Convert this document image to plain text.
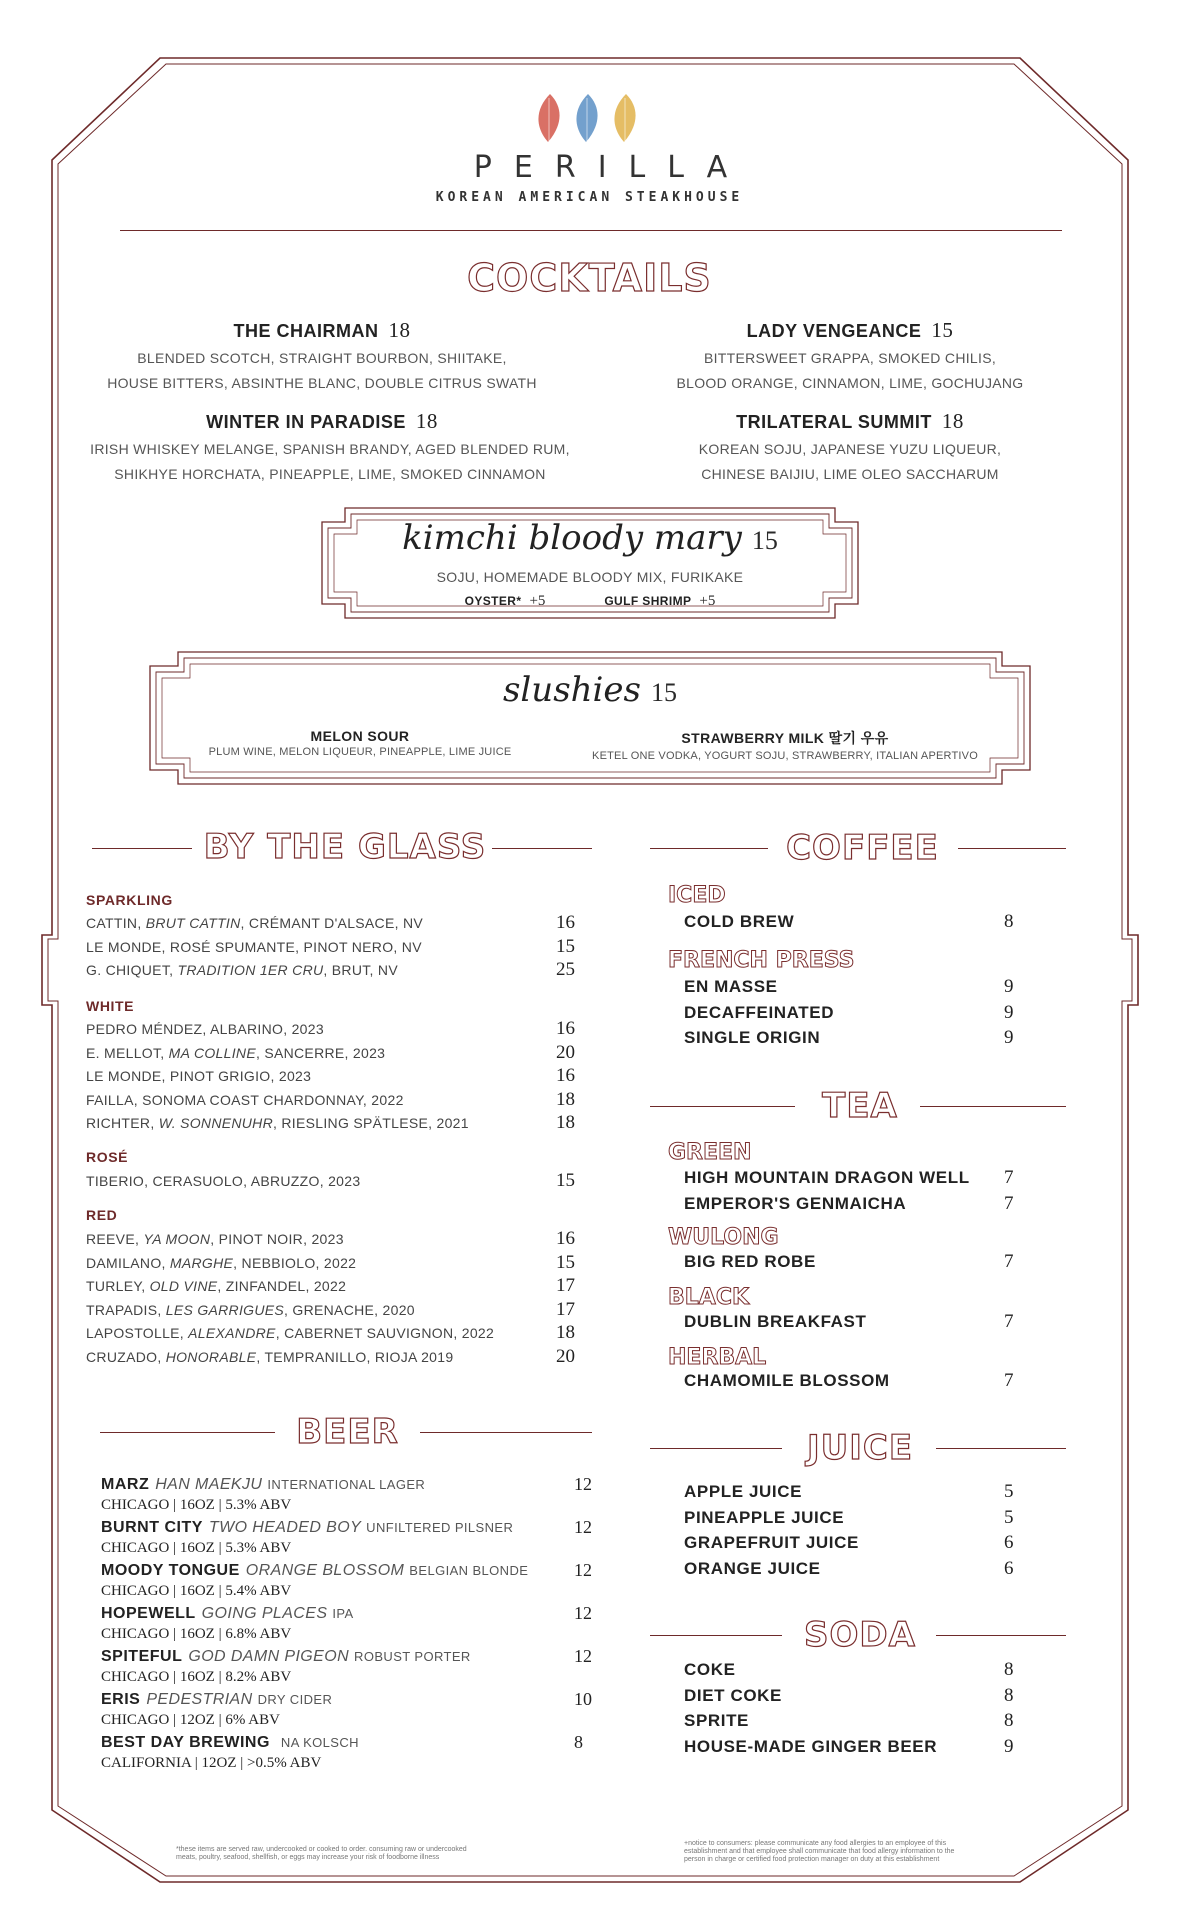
PERILLA
KOREAN AMERICAN STEAKHOUSE
COCKTAILS
THE CHAIRMAN 18
BLENDED SCOTCH, STRAIGHT BOURBON, SHIITAKE,
HOUSE BITTERS, ABSINTHE BLANC, DOUBLE CITRUS SWATH
LADY VENGEANCE 15
BITTERSWEET GRAPPA, SMOKED CHILIS,
BLOOD ORANGE, CINNAMON, LIME, GOCHUJANG
WINTER IN PARADISE 18
IRISH WHISKEY MELANGE, SPANISH BRANDY, AGED BLENDED RUM,
SHIKHYE HORCHATA, PINEAPPLE, LIME, SMOKED CINNAMON
TRILATERAL SUMMIT 18
KOREAN SOJU, JAPANESE YUZU LIQUEUR,
CHINESE BAIJIU, LIME OLEO SACCHARUM
kimchi bloody mary 15
SOJU, HOMEMADE BLOODY MIX, FURIKAKE
OYSTER* +5	GULF SHRIMP +5
slushies 15
MELON SOUR
PLUM WINE, MELON LIQUEUR, PINEAPPLE, LIME JUICE
STRAWBERRY MILK 딸기 우유
KETEL ONE VODKA, YOGURT SOJU, STRAWBERRY, ITALIAN APERTIVO
BY THE GLASS
SPARKLING
WHITE
ROSÉ
RED
CATTIN, BRUT CATTIN, CRÉMANT D'ALSACE, NV	16
LE MONDE, ROSÉ SPUMANTE, PINOT NERO, NV	15
G. CHIQUET, TRADITION 1ER CRU, BRUT, NV	25
PEDRO MÉNDEZ, ALBARINO, 2023	16
E. MELLOT, MA COLLINE, SANCERRE, 2023	20
LE MONDE, PINOT GRIGIO, 2023	16
FAILLA, SONOMA COAST CHARDONNAY, 2022	18
RICHTER, W. SONNENUHR, RIESLING SPÄTLESE, 2021	18
TIBERIO, CERASUOLO, ABRUZZO, 2023	15
REEVE, YA MOON, PINOT NOIR, 2023	16
DAMILANO, MARGHE, NEBBIOLO, 2022	15
TURLEY, OLD VINE, ZINFANDEL, 2022	17
TRAPADIS, LES GARRIGUES, GRENACHE, 2020	17
LAPOSTOLLE, ALEXANDRE, CABERNET SAUVIGNON, 2022	18
CRUZADO, HONORABLE, TEMPRANILLO, RIOJA 2019	20
BEER
MARZ HAN MAEKJU INTERNATIONAL LAGER
CHICAGO | 16OZ | 5.3% ABV
12
BURNT CITY TWO HEADED BOY UNFILTERED PILSNER
CHICAGO | 16OZ | 5.3% ABV
12
MOODY TONGUE ORANGE BLOSSOM BELGIAN BLONDE
CHICAGO | 16OZ | 5.4% ABV
12
HOPEWELL GOING PLACES IPA
CHICAGO | 16OZ | 6.8% ABV
12
SPITEFUL GOD DAMN PIGEON ROBUST PORTER
CHICAGO | 16OZ | 8.2% ABV
12
ERIS PEDESTRIAN DRY CIDER
CHICAGO | 12OZ | 6% ABV
10
BEST DAY BREWING NA KOLSCH
CALIFORNIA | 12OZ | >0.5% ABV
8
COFFEE
ICED
FRENCH PRESS
TEA
GREEN
WULONG
BLACK
HERBAL
JUICE
SODA
COLD BREW	8
EN MASSE	9
DECAFFEINATED	9
SINGLE ORIGIN	9
HIGH MOUNTAIN DRAGON WELL 7
EMPEROR'S GENMAICHA	7
BIG RED ROBE	7
DUBLIN BREAKFAST	7
CHAMOMILE BLOSSOM	7
APPLE JUICE	5
PINEAPPLE JUICE	5
GRAPEFRUIT JUICE	6
ORANGE JUICE	6
COKE	8
DIET COKE	8
SPRITE	8
HOUSE-MADE GINGER BEER	9
*these items are served raw, undercooked or cooked to order. consuming raw or undercooked
meats, poultry, seafood, shellfish, or eggs may increase your risk of foodborne illness
+notice to consumers: please communicate any food allergies to an employee of this
establishment and that employee shall communicate that food allergy information to the
person in charge or certified food protection manager on duty at this establishment
